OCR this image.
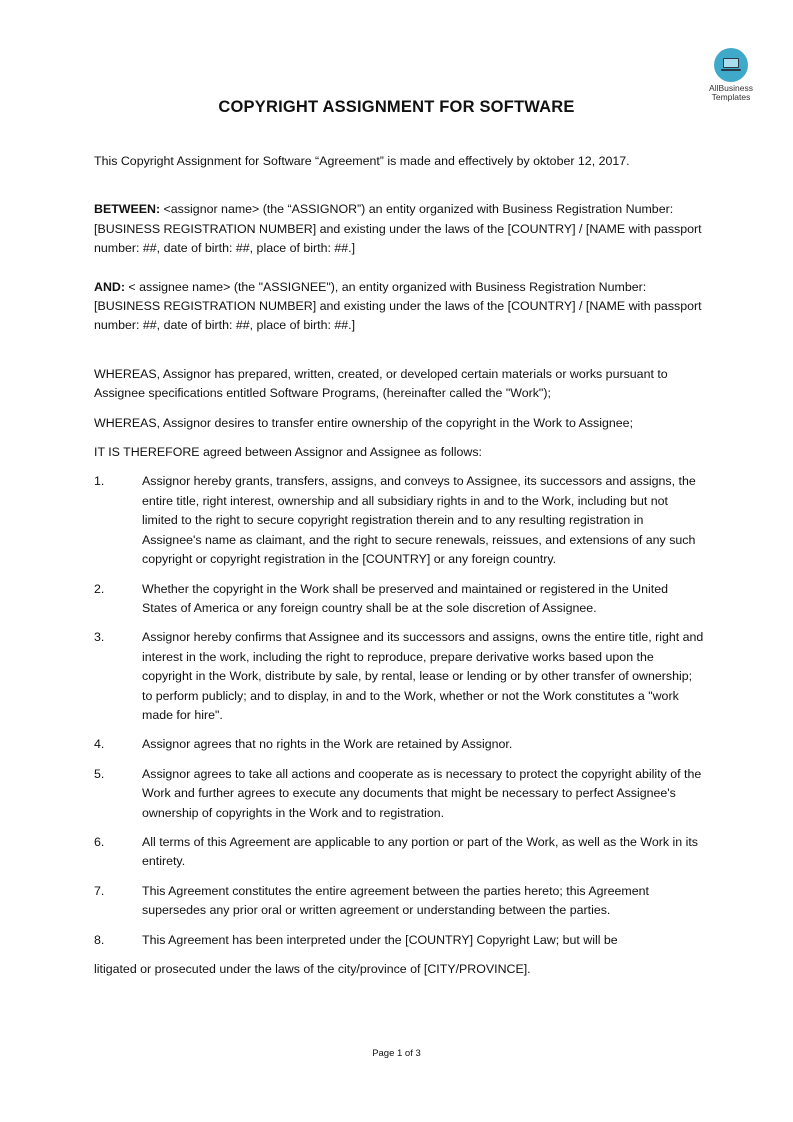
AllBusiness
Templates
COPYRIGHT ASSIGNMENT FOR SOFTWARE

This Copyright Assignment for Software “Agreement” is made and effectively by oktober 12, 2017.

BETWEEN: <assignor name> (the “ASSIGNOR”) an entity organized with Business Registration Number: [BUSINESS REGISTRATION NUMBER] and existing under the laws of the [COUNTRY] / [NAME with passport number: ##, date of birth: ##, place of birth: ##.]

AND: < assignee name> (the "ASSIGNEE"), an entity organized with Business Registration Number: [BUSINESS REGISTRATION NUMBER] and existing under the laws of the [COUNTRY] / [NAME with passport number: ##, date of birth: ##, place of birth: ##.]

WHEREAS, Assignor has prepared, written, created, or developed certain materials or works pursuant to Assignee specifications entitled Software Programs, (hereinafter called the "Work");

WHEREAS, Assignor desires to transfer entire ownership of the copyright in the Work to Assignee;

IT IS THEREFORE agreed between Assignor and Assignee as follows:

1.	Assignor hereby grants, transfers, assigns, and conveys to Assignee, its successors and assigns, the entire title, right interest, ownership and all subsidiary rights in and to the Work, including but not limited to the right to secure copyright registration therein and to any resulting registration in Assignee's name as claimant, and the right to secure renewals, reissues, and extensions of any such copyright or copyright registration in the [COUNTRY] or any foreign country.
2.	Whether the copyright in the Work shall be preserved and maintained or registered in the United States of America or any foreign country shall be at the sole discretion of Assignee.
3.	Assignor hereby confirms that Assignee and its successors and assigns, owns the entire title, right and interest in the work, including the right to reproduce, prepare derivative works based upon the copyright in the Work, distribute by sale, by rental, lease or lending or by other transfer of ownership; to perform publicly; and to display, in and to the Work, whether or not the Work constitutes a "work made for hire".
4.	Assignor agrees that no rights in the Work are retained by Assignor.
5.	Assignor agrees to take all actions and cooperate as is necessary to protect the copyright ability of the Work and further agrees to execute any documents that might be necessary to perfect Assignee's ownership of copyrights in the Work and to registration.
6.	All terms of this Agreement are applicable to any portion or part of the Work, as well as the Work in its entirety.
7.	This Agreement constitutes the entire agreement between the parties hereto; this Agreement supersedes any prior oral or written agreement or understanding between the parties.
8.	This Agreement has been interpreted under the [COUNTRY] Copyright Law; but will be

litigated or prosecuted under the laws of the city/province of [CITY/PROVINCE].

Page 1 of 3
